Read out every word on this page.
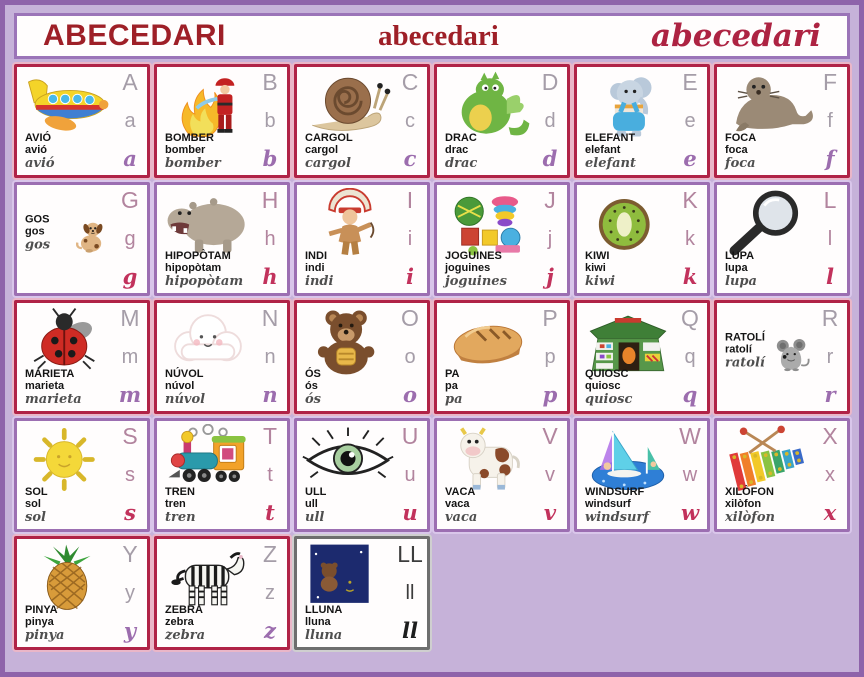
ABECEDARI	abecedari	abecedari
AVIÓ
avió
avió
A
a
a
BOMBER
bomber
bomber
B
b
b
CARGOL
cargol
cargol
C
c
c
DRAC
drac
drac
D
d
d
ELEFANT
elefant
elefant
E
e
e
FOCA
foca
foca
F
f
f
GOS
gos
gos
G
g
g
HIPOPÒTAM
hipopòtam
hipopòtam
H
h
h
INDI
indi
indi
I
i
i
JOGUINES
joguines
joguines
J
j
j
KIWI
kiwi
kiwi
K
k
k
LUPA
lupa
lupa
L
l
l
MARIETA
marieta
marieta
M
m
m
NÚVOL
núvol
núvol
N
n
n
ÓS
ós
ós
O
o
o
PA
pa
pa
P
p
p
QUIOSC
quiosc
quiosc
Q
q
q
RATOLÍ
ratolí
ratolí
R
r
r
SOL
sol
sol
S
s
s
TREN
tren
tren
T
t
t
ULL
ull
ull
U
u
u
VACA
vaca
vaca
V
v
v
WINDSURF
windsurf
windsurf
W
w
w
XILÒFON
xilòfon
xilòfon
X
x
x
PINYA
pinya
pinya
Y
y
y
ZEBRA
zebra
zebra
Z
z
z
LLUNA
lluna
lluna
LL
ll
ll
